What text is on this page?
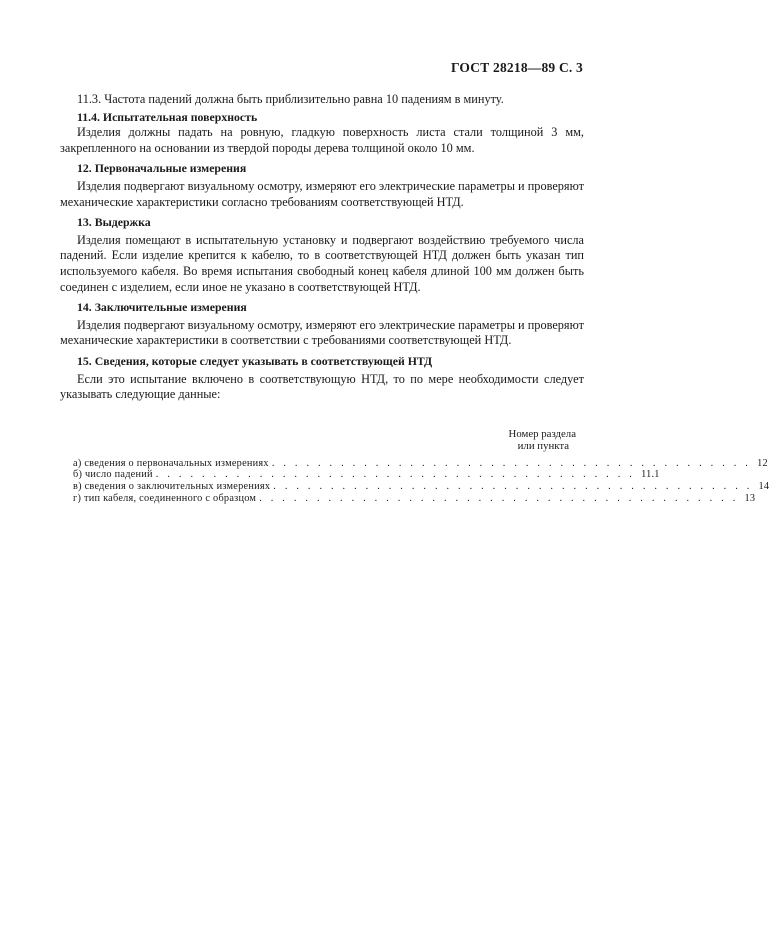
ГОСТ 28218—89 С. 3

11.3. Частота падений должна быть приблизительно равна 10 падениям в минуту.

11.4. Испытательная поверхность

Изделия должны падать на ровную, гладкую поверхность листа стали толщиной 3 мм, закрепленного на основании из твердой породы дерева толщиной около 10 мм.

12. Первоначальные измерения

Изделия подвергают визуальному осмотру, измеряют его электрические параметры и проверяют механические характеристики согласно требованиям соответствующей НТД.

13. Выдержка

Изделия помещают в испытательную установку и подвергают воздействию требуемого числа падений. Если изделие крепится к кабелю, то в соответствующей НТД должен быть указан тип используемого кабеля. Во время испытания свободный конец кабеля длиной 100 мм должен быть соединен с изделием, если иное не указано в соответствующей НТД.

14. Заключительные измерения

Изделия подвергают визуальному осмотру, измеряют его электрические параметры и проверяют механические характеристики в соответствии с требованиями соответствующей НТД.

15. Сведения, которые следует указывать в соответствующей НТД

Если это испытание включено в соответствующую НТД, то по мере необходимости следует указывать следующие данные:

Номер раздела
или пункта
а) сведения о первоначальных измерениях . . . . . . . . . . . . . . . . . . . . . . . . . . . . . . . . . . . . . . . . . . 12
б) число падений . . . . . . . . . . . . . . . . . . . . . . . . . . . . . . . . . . . . . . . . . . 11.1
в) сведения о заключительных измерениях . . . . . . . . . . . . . . . . . . . . . . . . . . . . . . . . . . . . . . . . . . 14
г) тип кабеля, соединенного с образцом . . . . . . . . . . . . . . . . . . . . . . . . . . . . . . . . . . . . . . . . . . 13
